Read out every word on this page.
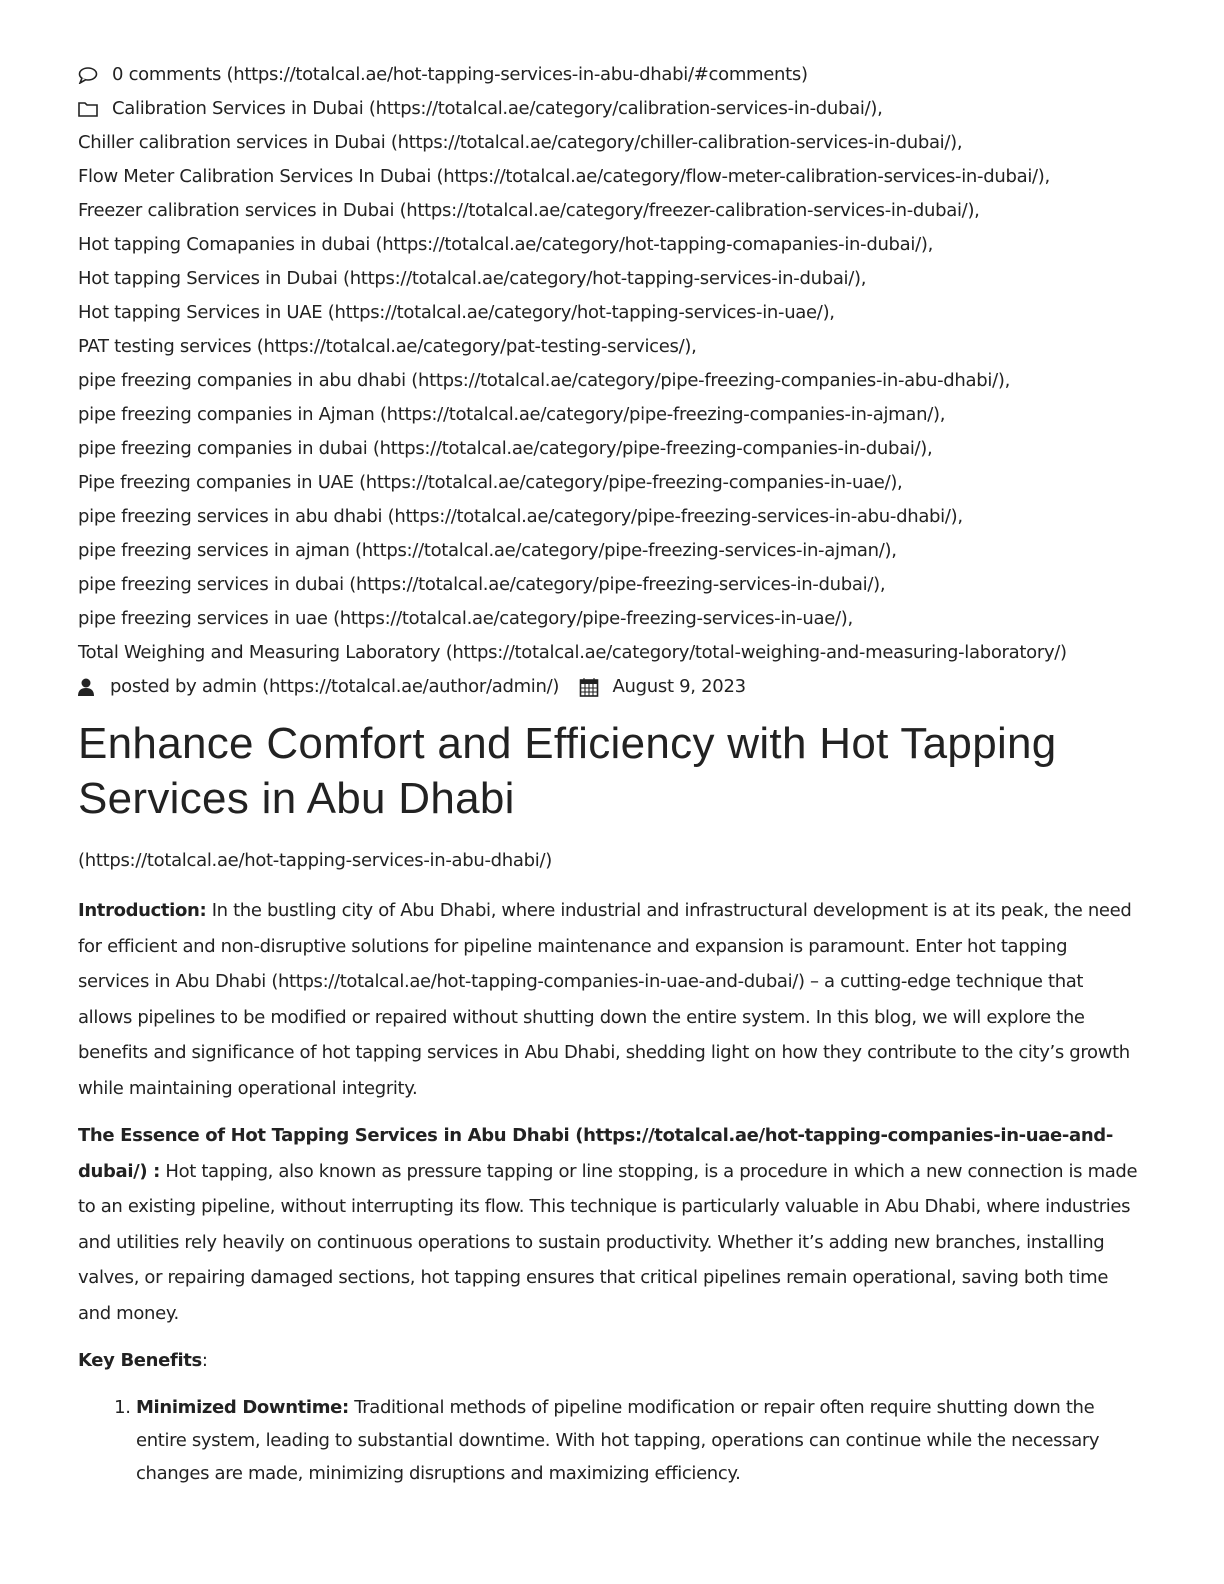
0 comments (https://totalcal.ae/hot-tapping-services-in-abu-dhabi/#comments)
Calibration Services in Dubai (https://totalcal.ae/category/calibration-services-in-dubai/),
Chiller calibration services in Dubai (https://totalcal.ae/category/chiller-calibration-services-in-dubai/),
Flow Meter Calibration Services In Dubai (https://totalcal.ae/category/flow-meter-calibration-services-in-dubai/),
Freezer calibration services in Dubai (https://totalcal.ae/category/freezer-calibration-services-in-dubai/),
Hot tapping Comapanies in dubai (https://totalcal.ae/category/hot-tapping-comapanies-in-dubai/),
Hot tapping Services in Dubai (https://totalcal.ae/category/hot-tapping-services-in-dubai/),
Hot tapping Services in UAE (https://totalcal.ae/category/hot-tapping-services-in-uae/),
PAT testing services (https://totalcal.ae/category/pat-testing-services/),
pipe freezing companies in abu dhabi (https://totalcal.ae/category/pipe-freezing-companies-in-abu-dhabi/),
pipe freezing companies in Ajman (https://totalcal.ae/category/pipe-freezing-companies-in-ajman/),
pipe freezing companies in dubai (https://totalcal.ae/category/pipe-freezing-companies-in-dubai/),
Pipe freezing companies in UAE (https://totalcal.ae/category/pipe-freezing-companies-in-uae/),
pipe freezing services in abu dhabi (https://totalcal.ae/category/pipe-freezing-services-in-abu-dhabi/),
pipe freezing services in ajman (https://totalcal.ae/category/pipe-freezing-services-in-ajman/),
pipe freezing services in dubai (https://totalcal.ae/category/pipe-freezing-services-in-dubai/),
pipe freezing services in uae (https://totalcal.ae/category/pipe-freezing-services-in-uae/),
Total Weighing and Measuring Laboratory (https://totalcal.ae/category/total-weighing-and-measuring-laboratory/)
posted by admin (https://totalcal.ae/author/admin/)	August 9, 2023
Enhance Comfort and Efficiency with Hot Tapping Services in Abu Dhabi
(https://totalcal.ae/hot-tapping-services-in-abu-dhabi/)

Introduction: In the bustling city of Abu Dhabi, where industrial and infrastructural development is at its peak, the need for efficient and non-disruptive solutions for pipeline maintenance and expansion is paramount. Enter hot tapping services in Abu Dhabi (https://totalcal.ae/hot-tapping-companies-in-uae-and-dubai/) – a cutting-edge technique that allows pipelines to be modified or repaired without shutting down the entire system. In this blog, we will explore the benefits and significance of hot tapping services in Abu Dhabi, shedding light on how they contribute to the city’s growth while maintaining operational integrity.

The Essence of Hot Tapping Services in Abu Dhabi (https://totalcal.ae/hot-tapping-companies-in-uae-and-dubai/) : Hot tapping, also known as pressure tapping or line stopping, is a procedure in which a new connection is made to an existing pipeline, without interrupting its flow. This technique is particularly valuable in Abu Dhabi, where industries and utilities rely heavily on continuous operations to sustain productivity. Whether it’s adding new branches, installing valves, or repairing damaged sections, hot tapping ensures that critical pipelines remain operational, saving both time and money.

Key Benefits:

1. Minimized Downtime: Traditional methods of pipeline modification or repair often require shutting down the entire system, leading to substantial downtime. With hot tapping, operations can continue while the necessary changes are made, minimizing disruptions and maximizing efficiency.
